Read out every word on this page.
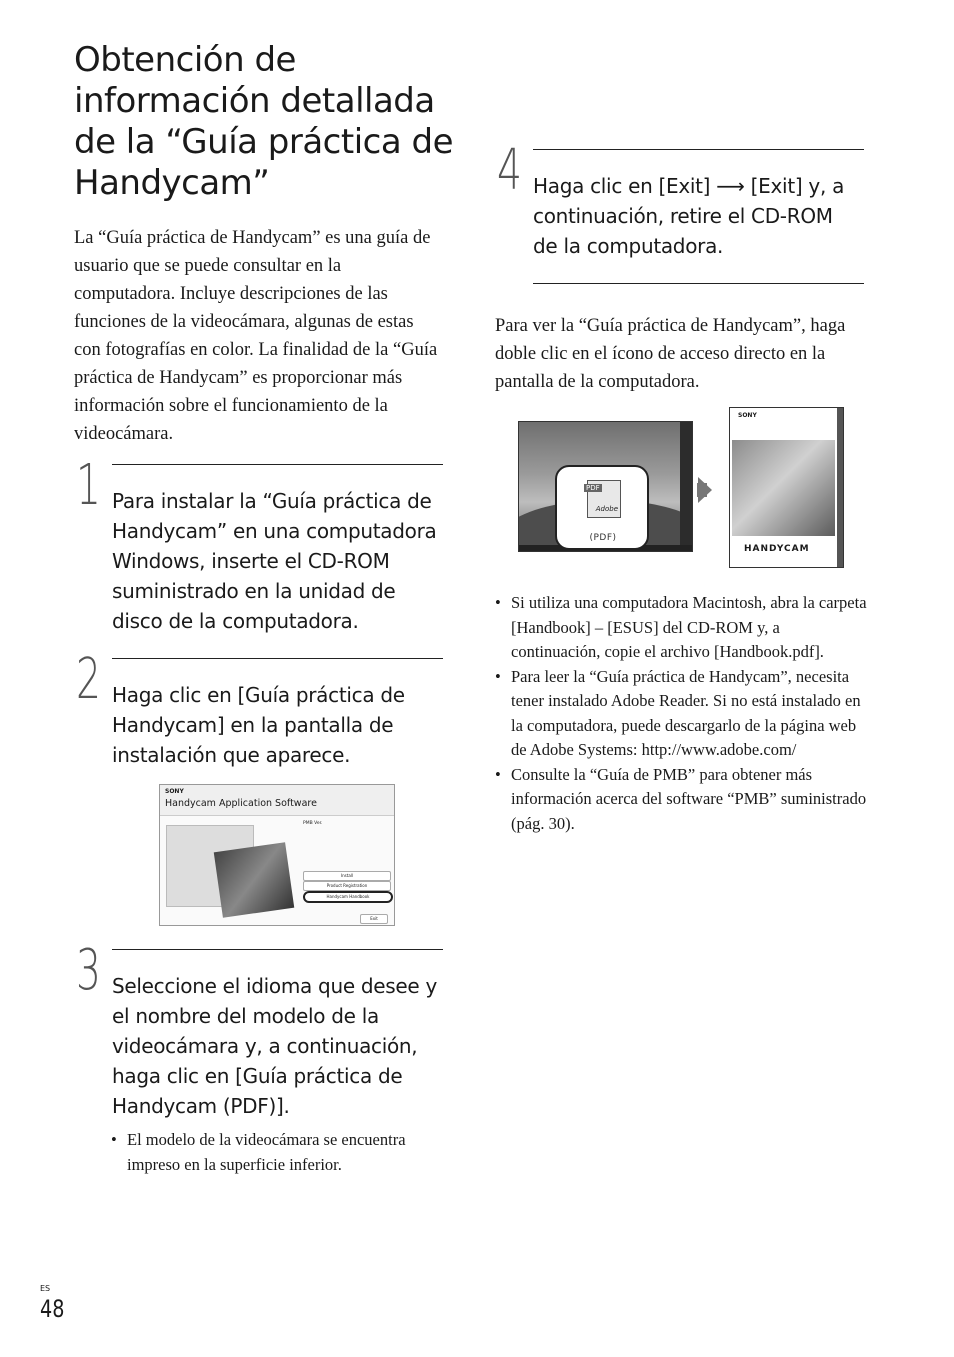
Obtención de información detallada de la “Guía práctica de Handycam”

La “Guía práctica de Handycam” es una guía de usuario que se puede consultar en la computadora. Incluye descripciones de las funciones de la videocámara, algunas de estas con fotografías en color. La finalidad de la “Guía práctica de Handycam” es proporcionar más información sobre el funcionamiento de la videocámara.

1 Para instalar la “Guía práctica de Handycam” en una computadora Windows, inserte el CD-ROM suministrado en la unidad de disco de la computadora.

2 Haga clic en [Guía práctica de Handycam] en la pantalla de instalación que aparece.

SONY
Handycam Application Software
PMB Ver.
Install
Product Registration
Handycam Handbook
Exit
3 Seleccione el idioma que desee y el nombre del modelo de la videocámara y, a continuación, haga clic en [Guía práctica de Handycam (PDF)].

• El modelo de la videocámara se encuentra impreso en la superficie inferior.
4 Haga clic en [Exit] ⟶ [Exit] y, a continuación, retire el CD-ROM de la computadora.

Para ver la “Guía práctica de Handycam”, haga doble clic en el ícono de acceso directo en la pantalla de la computadora.

PDF
Adobe
(PDF)
SONY
HANDYCAM
• Si utiliza una computadora Macintosh, abra la carpeta [Handbook] – [ESUS] del CD-ROM y, a continuación, copie el archivo [Handbook.pdf].
• Para leer la “Guía práctica de Handycam”, necesita tener instalado Adobe Reader. Si no está instalado en la computadora, puede descargarlo de la página web de Adobe Systems: http://www.adobe.com/
• Consulte la “Guía de PMB” para obtener más información acerca del software “PMB” suministrado (pág. 30).
ES
48
